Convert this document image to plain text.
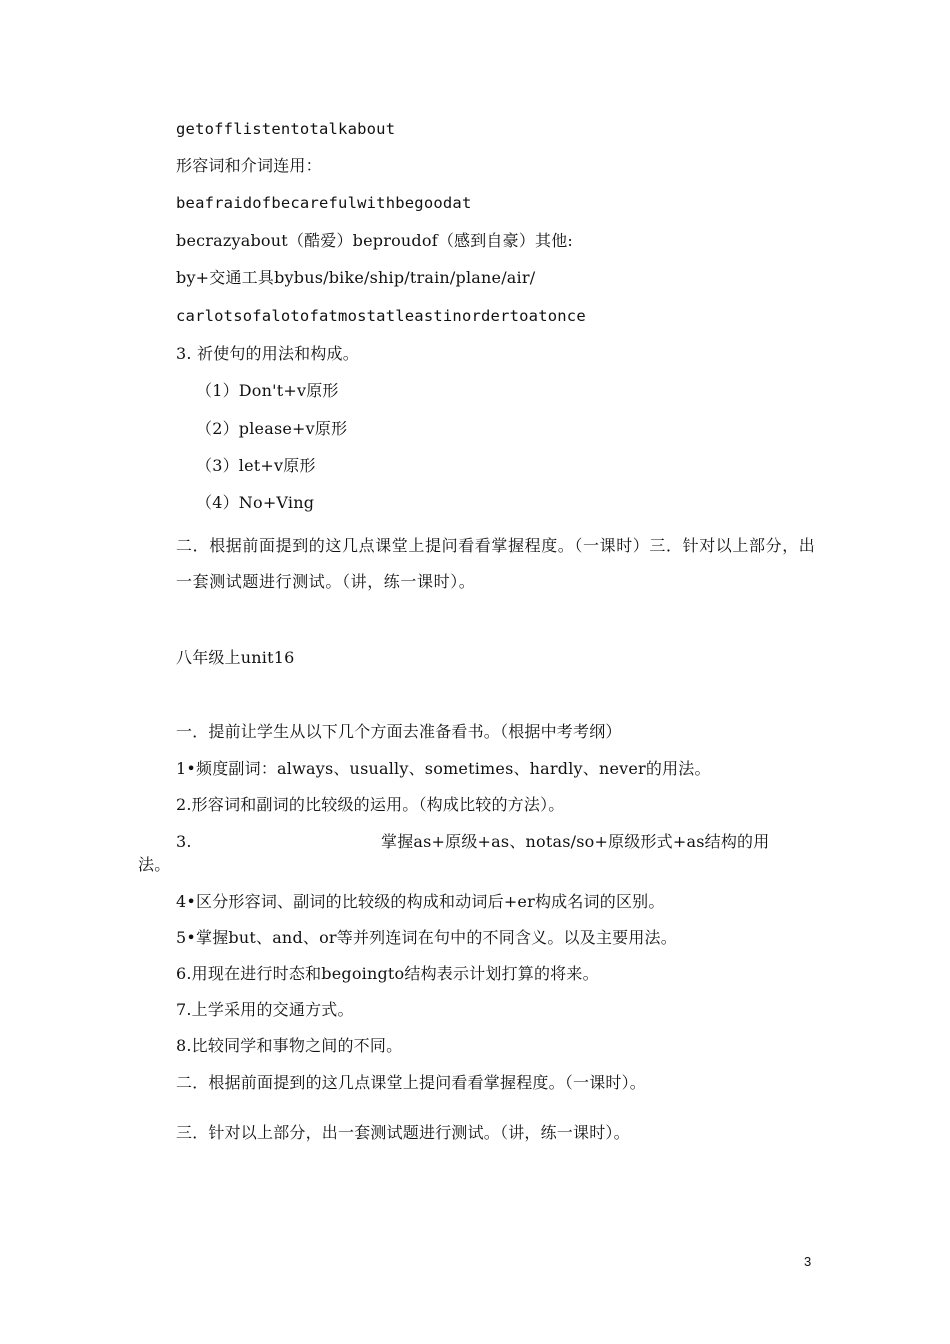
getofflistentotalkabout
形容词和介词连用：
beafraidofbecarefulwithbegoodat
becrazyabout（酷爱）beproudof（感到自豪）其他:
by+交通工具bybus/bike/ship/train/plane/air/
carlotsofalotofatmostatleastinordertoatonce
3. 祈使句的用法和构成。
（1）Don't+v原形
（2）please+v原形
（3）let+v原形
（4）No+Ving
二．根据前面提到的这几点课堂上提问看看掌握程度。（一课时）三．针对以上部分，出一套测试题进行测试。（讲，练一课时）。
八年级上unit16
一．提前让学生从以下几个方面去准备看书。（根据中考考纲）
1•频度副词：always、usually、sometimes、hardly、never的用法。
2.形容词和副词的比较级的运用。（构成比较的方法）。
3.	掌握as+原级+as、notas/so+原级形式+as结构的用
法。
4•区分形容词、副词的比较级的构成和动词后+er构成名词的区别。
5•掌握but、and、or等并列连词在句中的不同含义。以及主要用法。
6.用现在进行时态和begoingto结构表示计划打算的将来。
7.上学采用的交通方式。
8.比较同学和事物之间的不同。
二．根据前面提到的这几点课堂上提问看看掌握程度。（一课时）。
三．针对以上部分，出一套测试题进行测试。（讲，练一课时）。
3
